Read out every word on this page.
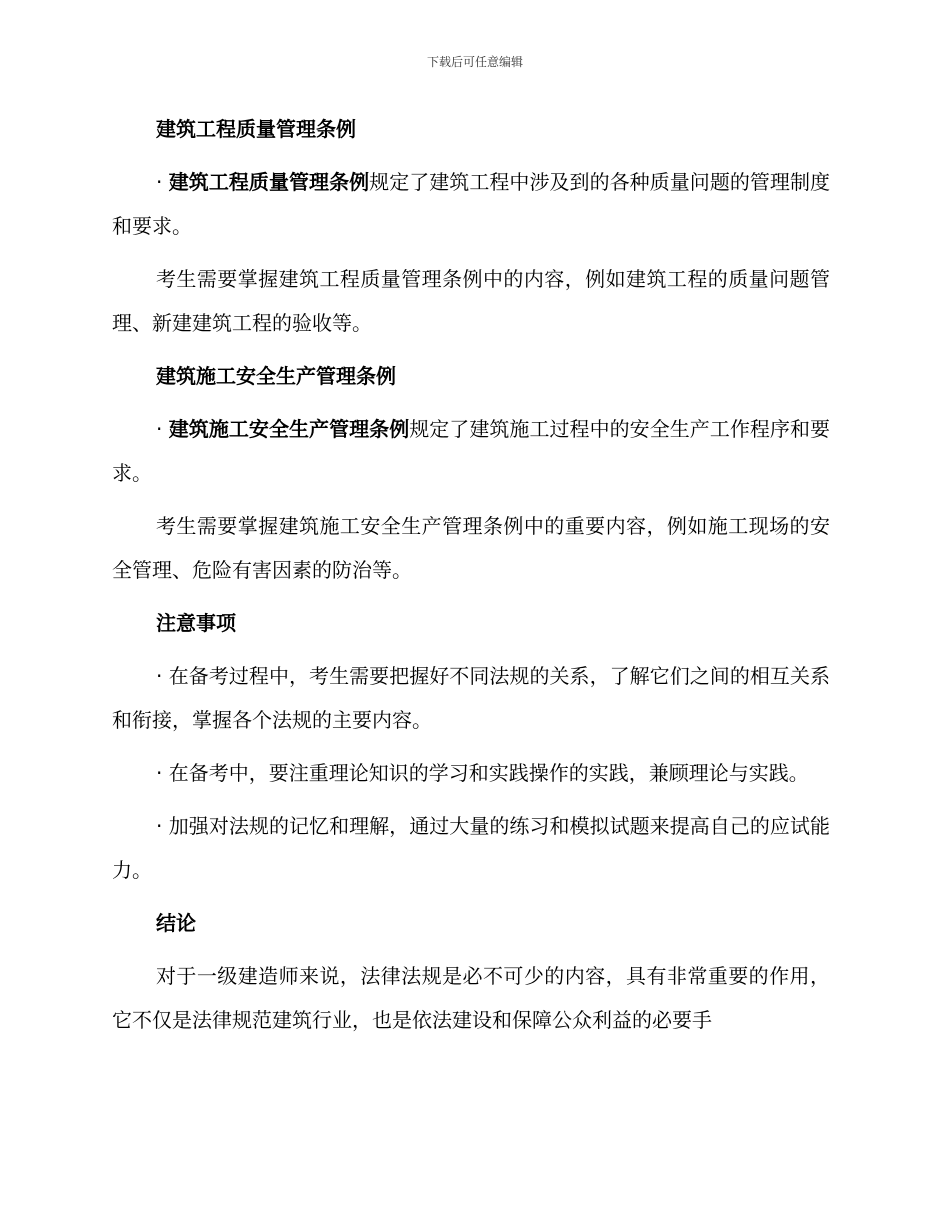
下载后可任意编辑
建筑工程质量管理条例
· 建筑工程质量管理条例规定了建筑工程中涉及到的各种质量问题的管理制度和要求。
考生需要掌握建筑工程质量管理条例中的内容，例如建筑工程的质量问题管理、新建建筑工程的验收等。
建筑施工安全生产管理条例
· 建筑施工安全生产管理条例规定了建筑施工过程中的安全生产工作程序和要求。
考生需要掌握建筑施工安全生产管理条例中的重要内容，例如施工现场的安全管理、危险有害因素的防治等。
注意事项
· 在备考过程中，考生需要把握好不同法规的关系，了解它们之间的相互关系和衔接，掌握各个法规的主要内容。
· 在备考中，要注重理论知识的学习和实践操作的实践，兼顾理论与实践。
· 加强对法规的记忆和理解，通过大量的练习和模拟试题来提高自己的应试能力。
结论
对于一级建造师来说，法律法规是必不可少的内容，具有非常重要的作用，它不仅是法律规范建筑行业，也是依法建设和保障公众利益的必要手
